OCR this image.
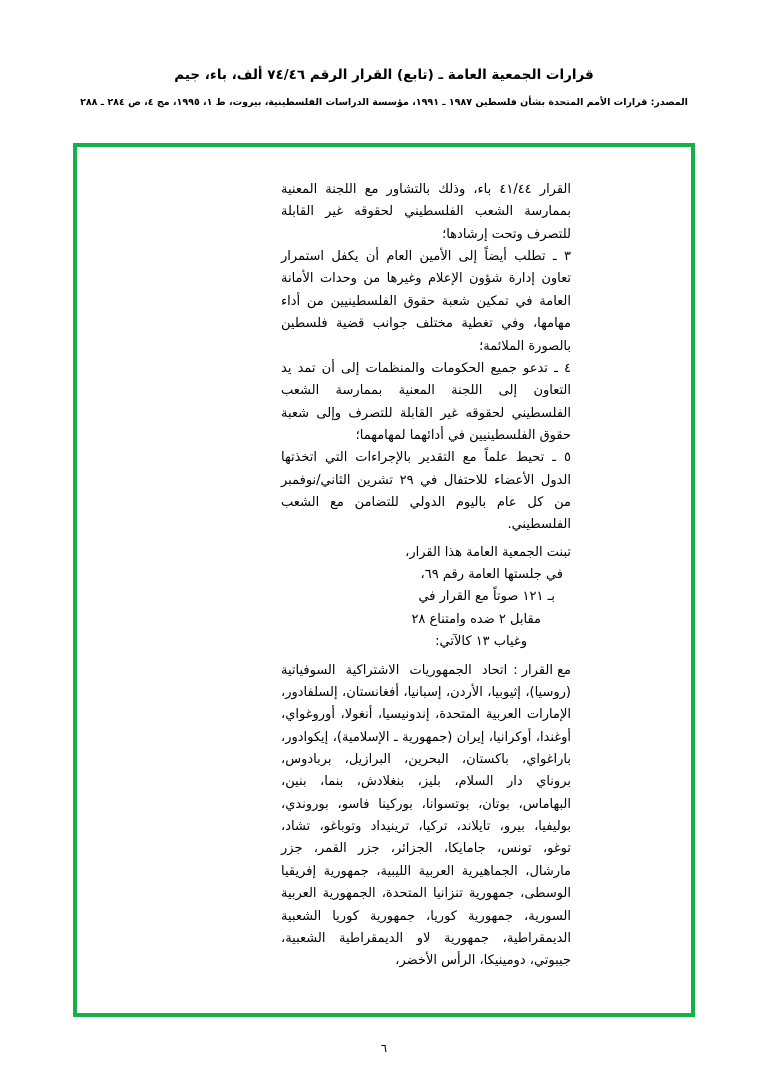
قرارات الجمعية العامة ـ (تابع) القرار الرقم ٧٤/٤٦ ألف، باء، جيم
المصدر: قرارات الأمم المتحدة بشأن فلسطين ١٩٨٧ ـ ١٩٩١، مؤسسة الدراسات الفلسطينية، بيروت، ط ١، ١٩٩٥، مج ٤، ص ٢٨٤ ـ ٢٨٨

القرار ٤١/٤٤ باء، وذلك بالتشاور مع اللجنة المعنية بممارسة الشعب الفلسطيني لحقوقه غير القابلة للتصرف وتحت إرشادها؛

٣ ـ تطلب أيضاً إلى الأمين العام أن يكفل استمرار تعاون إدارة شؤون الإعلام وغيرها من وحدات الأمانة العامة في تمكين شعبة حقوق الفلسطينيين من أداء مهامها، وفي تغطية مختلف جوانب قضية فلسطين بالصورة الملائمة؛

٤ ـ تدعو جميع الحكومات والمنظمات إلى أن تمد يد التعاون إلى اللجنة المعنية بممارسة الشعب الفلسطيني لحقوقه غير القابلة للتصرف وإلى شعبة حقوق الفلسطينيين في أدائهما لمهامهما؛

٥ ـ تحيط علماً مع التقدير بالإجراءات التي اتخذتها الدول الأعضاء للاحتفال في ٢٩ تشرين الثاني/نوفمبر من كل عام باليوم الدولي للتضامن مع الشعب الفلسطيني.

تبنت الجمعية العامة هذا القرار،

في جلستها العامة رقم ٦٩،

بـ ١٢١ صوتاً مع القرار في

مقابل ٢ ضده وامتناع ٢٨

وغياب ١٣ كالآتي:

مع القرار :
اتحاد الجمهوريات الاشتراكية السوفياتية (روسيا)، إثيوبيا، الأردن، إسبانيا، أفغانستان، إلسلفادور، الإمارات العربية المتحدة، إندونيسيا، أنغولا، أوروغواي، أوغندا، أوكرانيا، إيران (جمهورية ـ الإسلامية)، إيكوادور، باراغواي، باكستان، البحرين، البرازيل، بربادوس، بروناي دار السلام، بليز، بنغلادش، بنما، بنين، البهاماس، بوتان، بوتسوانا، بوركينا فاسو، بوروندي، بوليفيا، بيرو، تايلاند، تركيا، ترينيداد وتوباغو، تشاد، توغو، تونس، جامايكا، الجزائر، جزر القمر، جزر مارشال، الجماهيرية العربية الليبية، جمهورية إفريقيا الوسطى، جمهورية تنزانيا المتحدة، الجمهورية العربية السورية، جمهورية كوريا، جمهورية كوريا الشعبية الديمقراطية، جمهورية لاو الديمقراطية الشعبية، جيبوتي، دومينيكا، الرأس الأخضر،
٦
